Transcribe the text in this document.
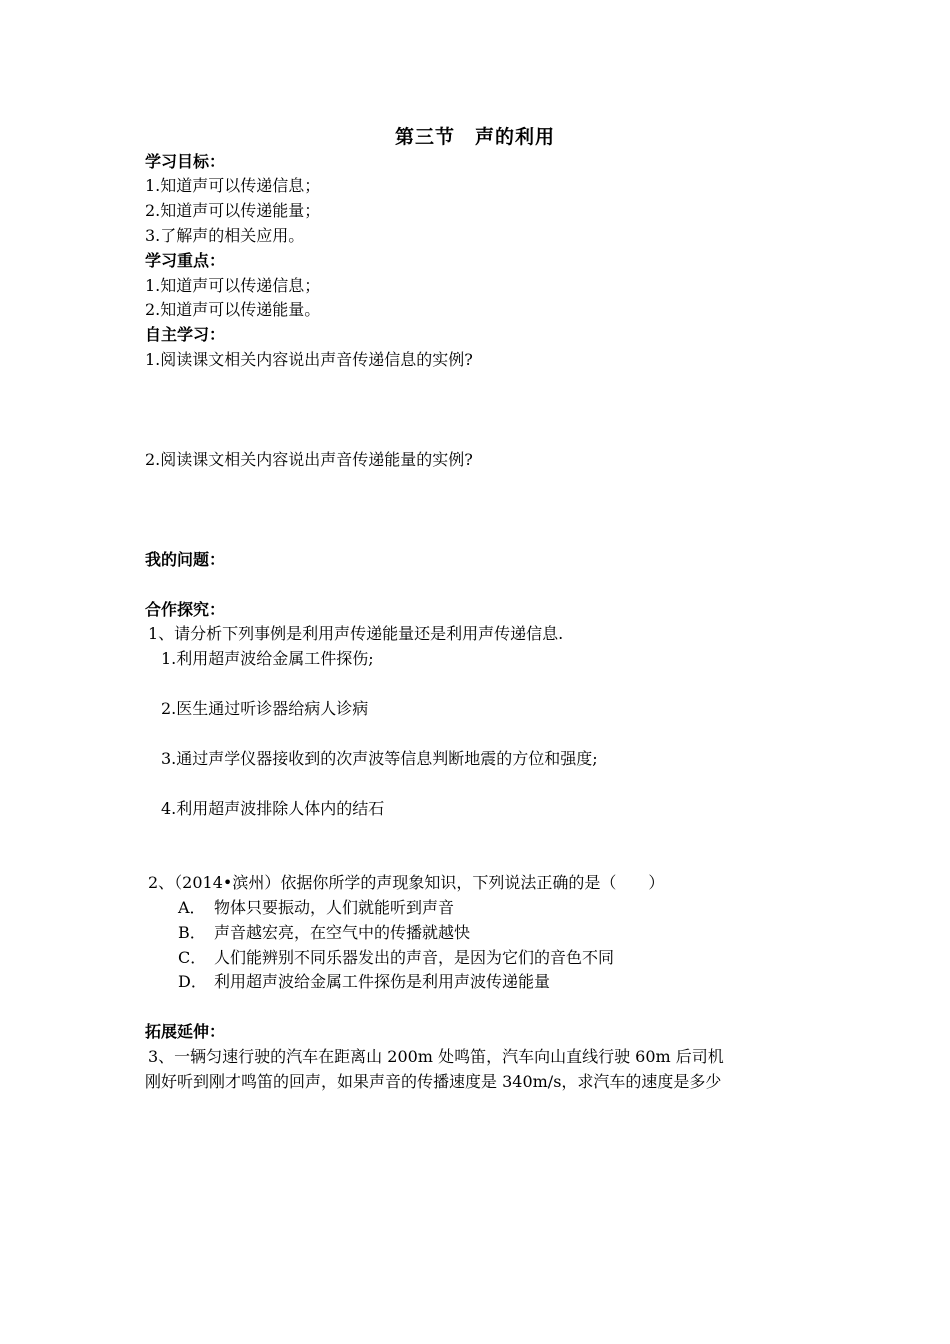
第三节　声的利用
学习目标：
1.知道声可以传递信息；
2.知道声可以传递能量；
3.了解声的相关应用。
学习重点：
1.知道声可以传递信息；
2.知道声可以传递能量。
自主学习：
1.阅读课文相关内容说出声音传递信息的实例?
2.阅读课文相关内容说出声音传递能量的实例?
我的问题：
合作探究：
1、请分析下列事例是利用声传递能量还是利用声传递信息.
1.利用超声波给金属工件探伤;
2.医生通过听诊器给病人诊病
3.通过声学仪器接收到的次声波等信息判断地震的方位和强度;
4.利用超声波排除人体内的结石
2、（2014•滨州）依据你所学的声现象知识，下列说法正确的是（　　）
A． 物体只要振动，人们就能听到声音
B． 声音越宏亮，在空气中的传播就越快
C． 人们能辨别不同乐器发出的声音，是因为它们的音色不同
D． 利用超声波给金属工件探伤是利用声波传递能量
拓展延伸：
3、一辆匀速行驶的汽车在距离山 200m 处鸣笛，汽车向山直线行驶 60m 后司机
刚好听到刚才鸣笛的回声，如果声音的传播速度是 340m/s，求汽车的速度是多少
